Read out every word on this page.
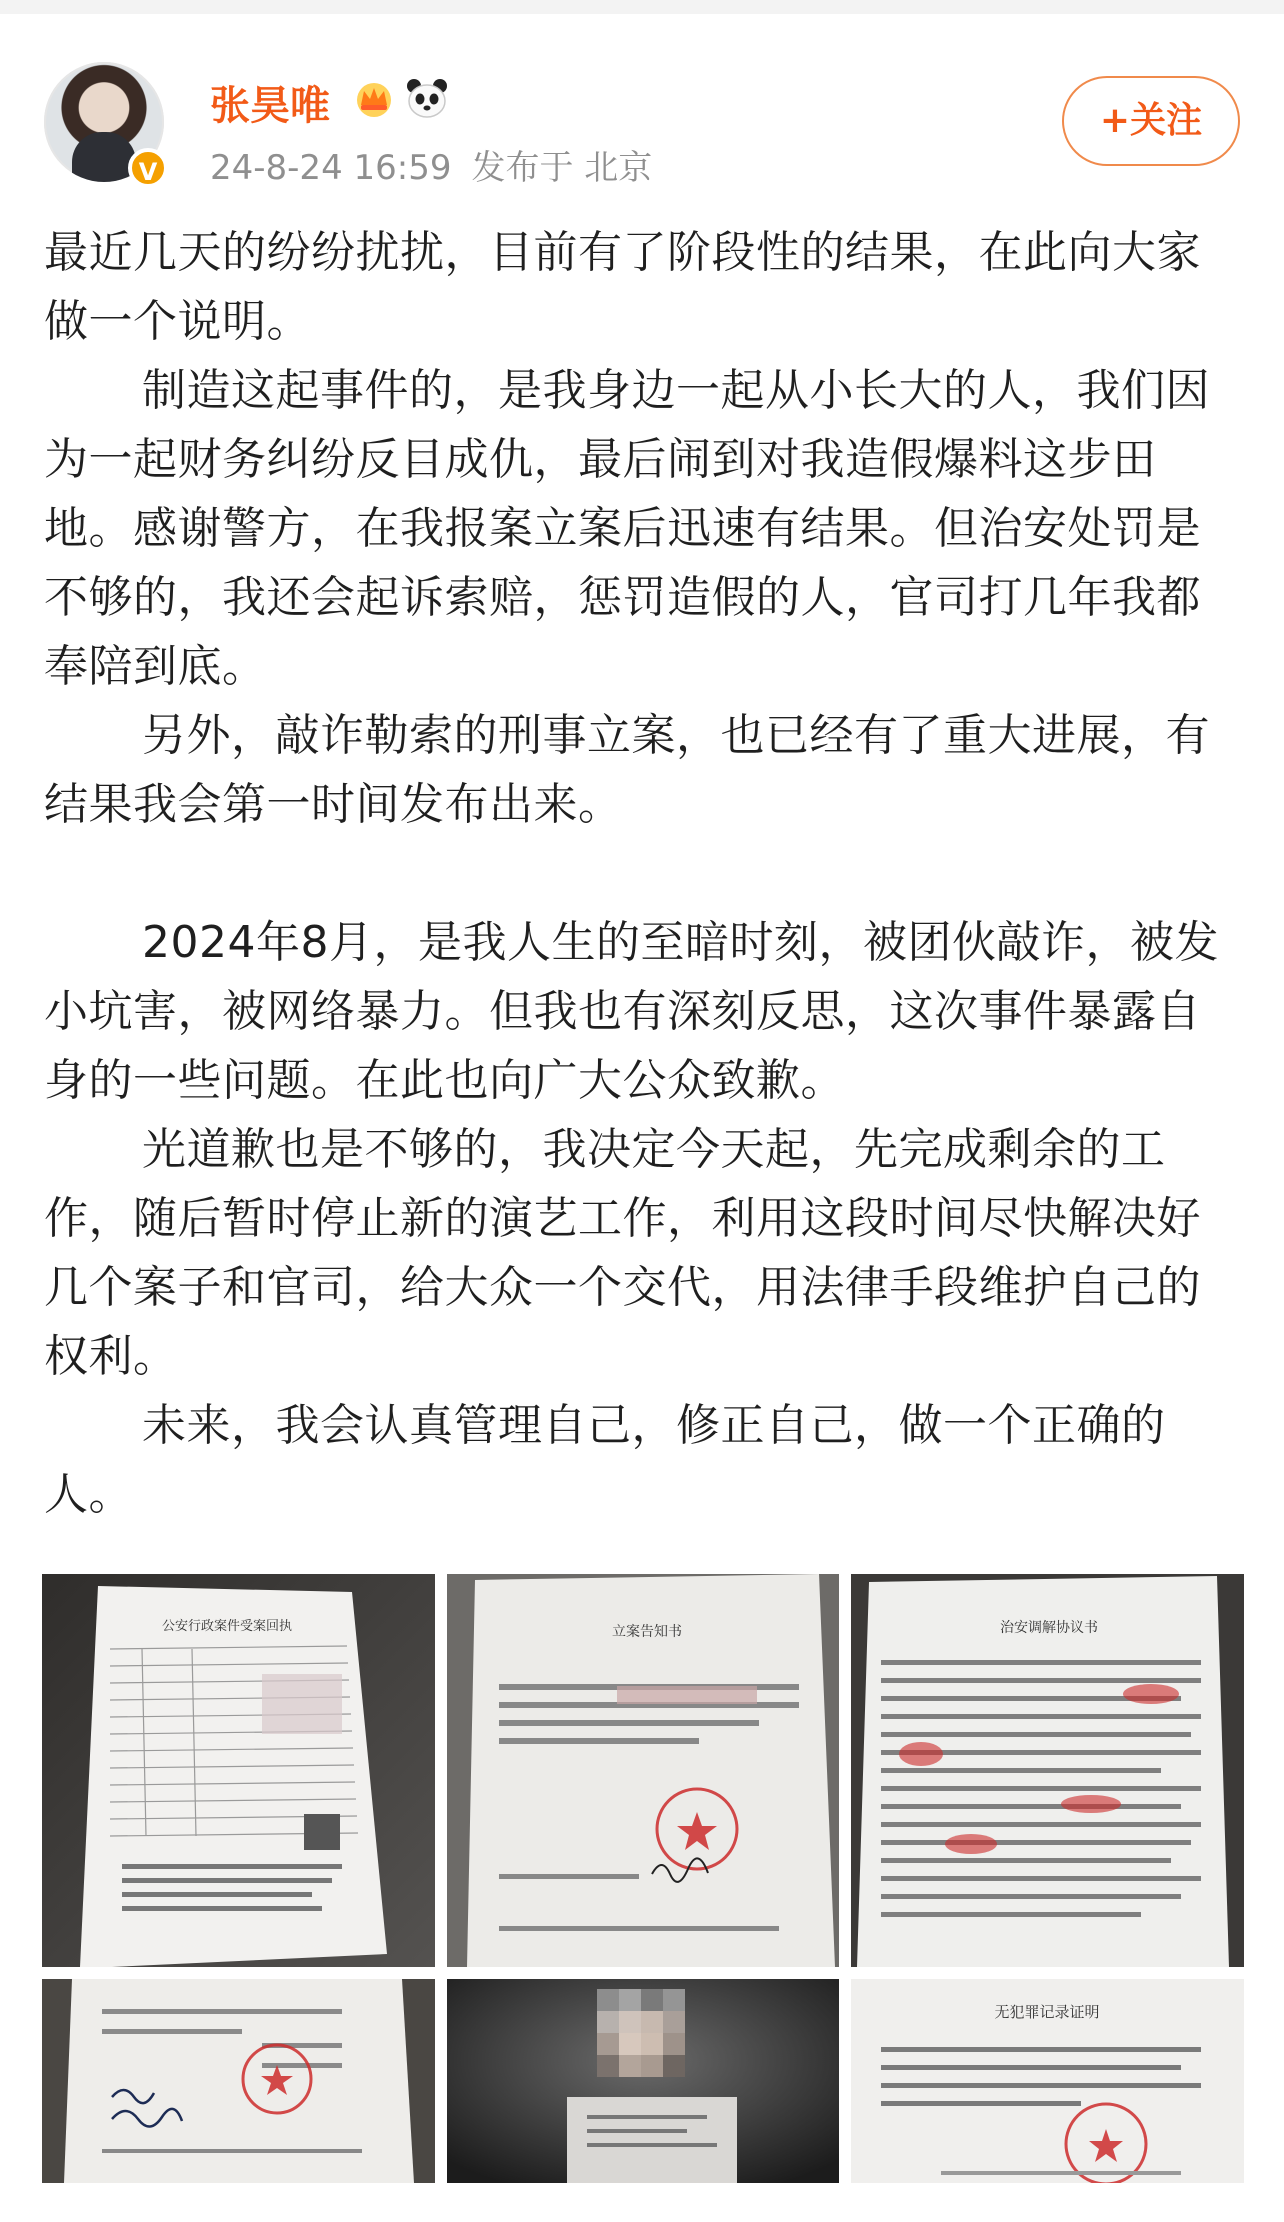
V
张昊唯
24-8-24 16:59 发布于 北京
+关注

最近几天的纷纷扰扰，目前有了阶段性的结果，在此向大家做一个说明。

制造这起事件的，是我身边一起从小长大的人，我们因为一起财务纠纷反目成仇，最后闹到对我造假爆料这步田地。感谢警方，在我报案立案后迅速有结果。但治安处罚是不够的，我还会起诉索赔，惩罚造假的人，官司打几年我都奉陪到底。

另外，敲诈勒索的刑事立案，也已经有了重大进展，有结果我会第一时间发布出来。

2024年8月，是我人生的至暗时刻，被团伙敲诈，被发小坑害，被网络暴力。但我也有深刻反思，这次事件暴露自身的一些问题。在此也向广大公众致歉。

光道歉也是不够的，我决定今天起，先完成剩余的工作，随后暂时停止新的演艺工作，利用这段时间尽快解决好几个案子和官司，给大众一个交代，用法律手段维护自己的权利。

未来，我会认真管理自己，修正自己，做一个正确的人。

公安行政案件受案回执	立案告知书	治安调解协议书
无犯罪记录证明
